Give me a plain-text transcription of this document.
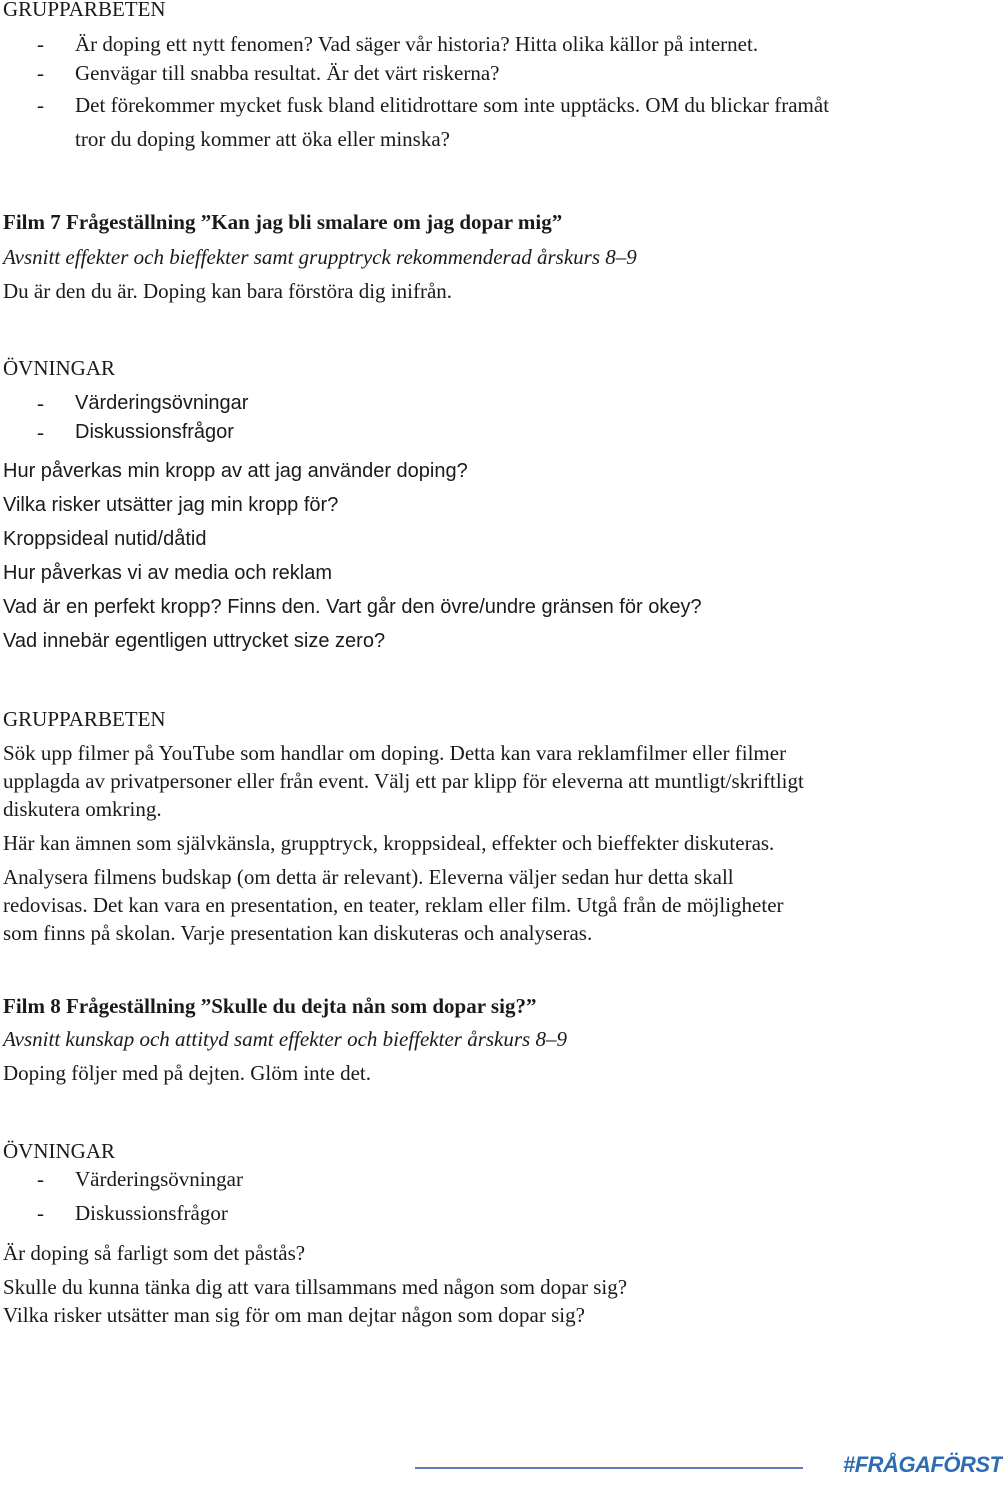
GRUPPARBETEN

- Är doping ett nytt fenomen? Vad säger vår historia? Hitta olika källor på internet.
- Genvägar till snabba resultat. Är det värt riskerna?
- Det förekommer mycket fusk bland elitidrottare som inte upptäcks. OM du blickar framåt
tror du doping kommer att öka eller minska?

Film 7 Frågeställning ”Kan jag bli smalare om jag dopar mig”

Avsnitt effekter och bieffekter samt grupptryck rekommenderad årskurs 8–9

Du är den du är. Doping kan bara förstöra dig inifrån.

ÖVNINGAR

- Värderingsövningar
- Diskussionsfrågor

Hur påverkas min kropp av att jag använder doping?

Vilka risker utsätter jag min kropp för?

Kroppsideal nutid/dåtid

Hur påverkas vi av media och reklam

Vad är en perfekt kropp? Finns den. Vart går den övre/undre gränsen för okey?

Vad innebär egentligen uttrycket size zero?

GRUPPARBETEN

Sök upp filmer på YouTube som handlar om doping. Detta kan vara reklamfilmer eller filmer

upplagda av privatpersoner eller från event. Välj ett par klipp för eleverna att muntligt/skriftligt

diskutera omkring.

Här kan ämnen som självkänsla, grupptryck, kroppsideal, effekter och bieffekter diskuteras.

Analysera filmens budskap (om detta är relevant). Eleverna väljer sedan hur detta skall

redovisas. Det kan vara en presentation, en teater, reklam eller film. Utgå från de möjligheter

som finns på skolan. Varje presentation kan diskuteras och analyseras.

Film 8 Frågeställning ”Skulle du dejta nån som dopar sig?”

Avsnitt kunskap och attityd samt effekter och bieffekter årskurs 8–9

Doping följer med på dejten. Glöm inte det.

ÖVNINGAR

- Värderingsövningar
- Diskussionsfrågor

Är doping så farligt som det påstås?

Skulle du kunna tänka dig att vara tillsammans med någon som dopar sig?

Vilka risker utsätter man sig för om man dejtar någon som dopar sig?

#FRÅGAFÖRST
